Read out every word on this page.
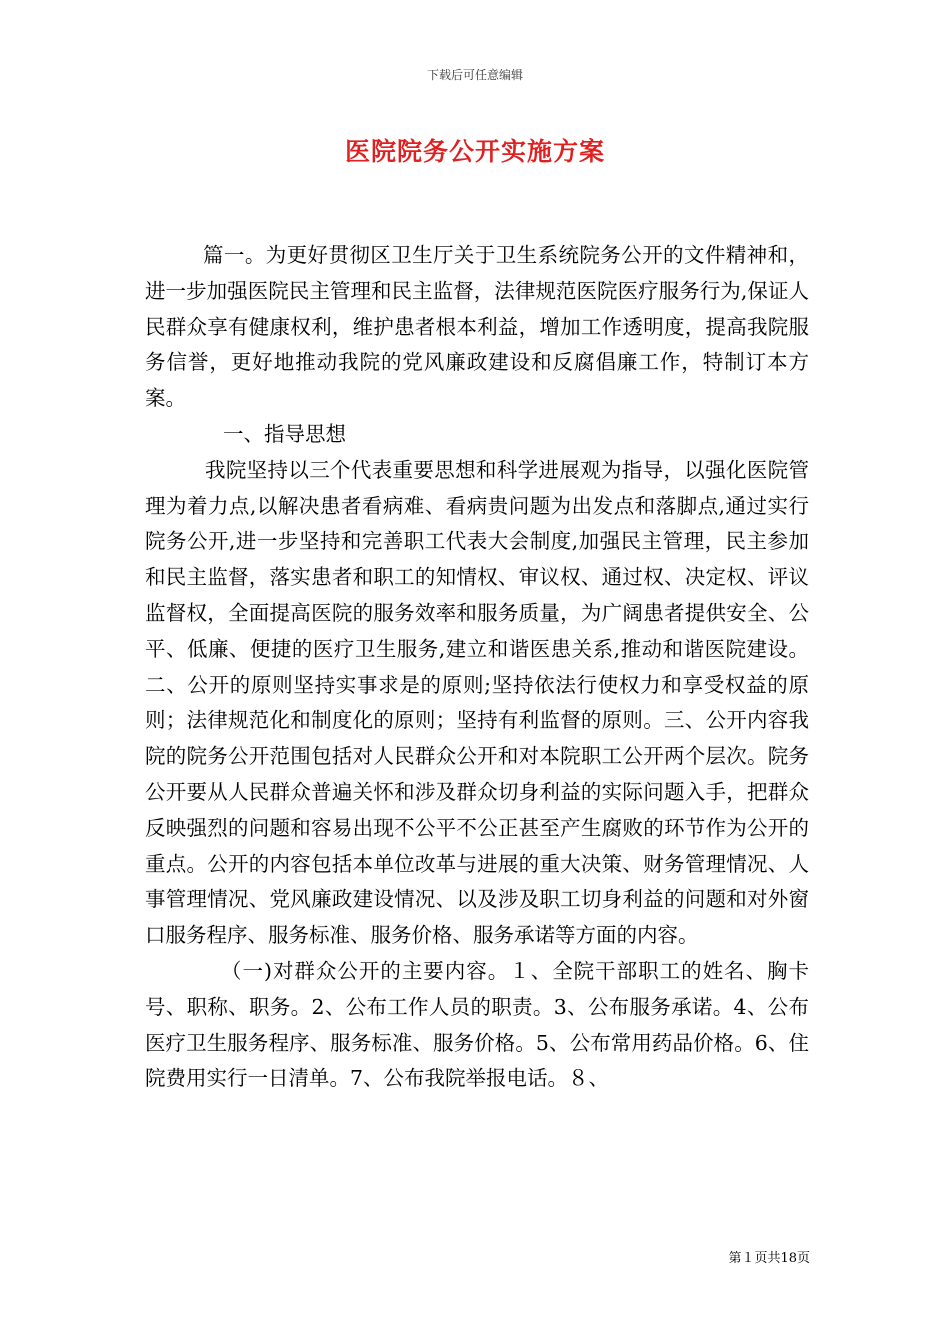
下载后可任意编辑
医院院务公开实施方案

篇一。为更好贯彻区卫生厅关于卫生系统院务公开的文件精神和，进一步加强医院民主管理和民主监督，法律规范医院医疗服务行为,保证人民群众享有健康权利，维护患者根本利益，增加工作透明度，提高我院服务信誉，更好地推动我院的党风廉政建设和反腐倡廉工作，特制订本方案。

一、指导思想

我院坚持以三个代表重要思想和科学进展观为指导，以强化医院管理为着力点,以解决患者看病难、看病贵问题为出发点和落脚点,通过实行院务公开,进一步坚持和完善职工代表大会制度,加强民主管理，民主参加和民主监督，落实患者和职工的知情权、审议权、通过权、决定权、评议监督权，全面提高医院的服务效率和服务质量，为广阔患者提供安全、公平、低廉、便捷的医疗卫生服务,建立和谐医患关系,推动和谐医院建设。二、公开的原则坚持实事求是的原则;坚持依法行使权力和享受权益的原则；法律规范化和制度化的原则；坚持有利监督的原则。三、公开内容我院的院务公开范围包括对人民群众公开和对本院职工公开两个层次。院务公开要从人民群众普遍关怀和涉及群众切身利益的实际问题入手，把群众反映强烈的问题和容易出现不公平不公正甚至产生腐败的环节作为公开的重点。公开的内容包括本单位改革与进展的重大决策、财务管理情况、人事管理情况、党风廉政建设情况、以及涉及职工切身利益的问题和对外窗口服务程序、服务标准、服务价格、服务承诺等方面的内容。

（一)对群众公开的主要内容。１、全院干部职工的姓名、胸卡号、职称、职务。2、公布工作人员的职责。3、公布服务承诺。4、公布医疗卫生服务程序、服务标准、服务价格。5、公布常用药品价格。6、住院费用实行一日清单。7、公布我院举报电话。８、

第１页共18页
